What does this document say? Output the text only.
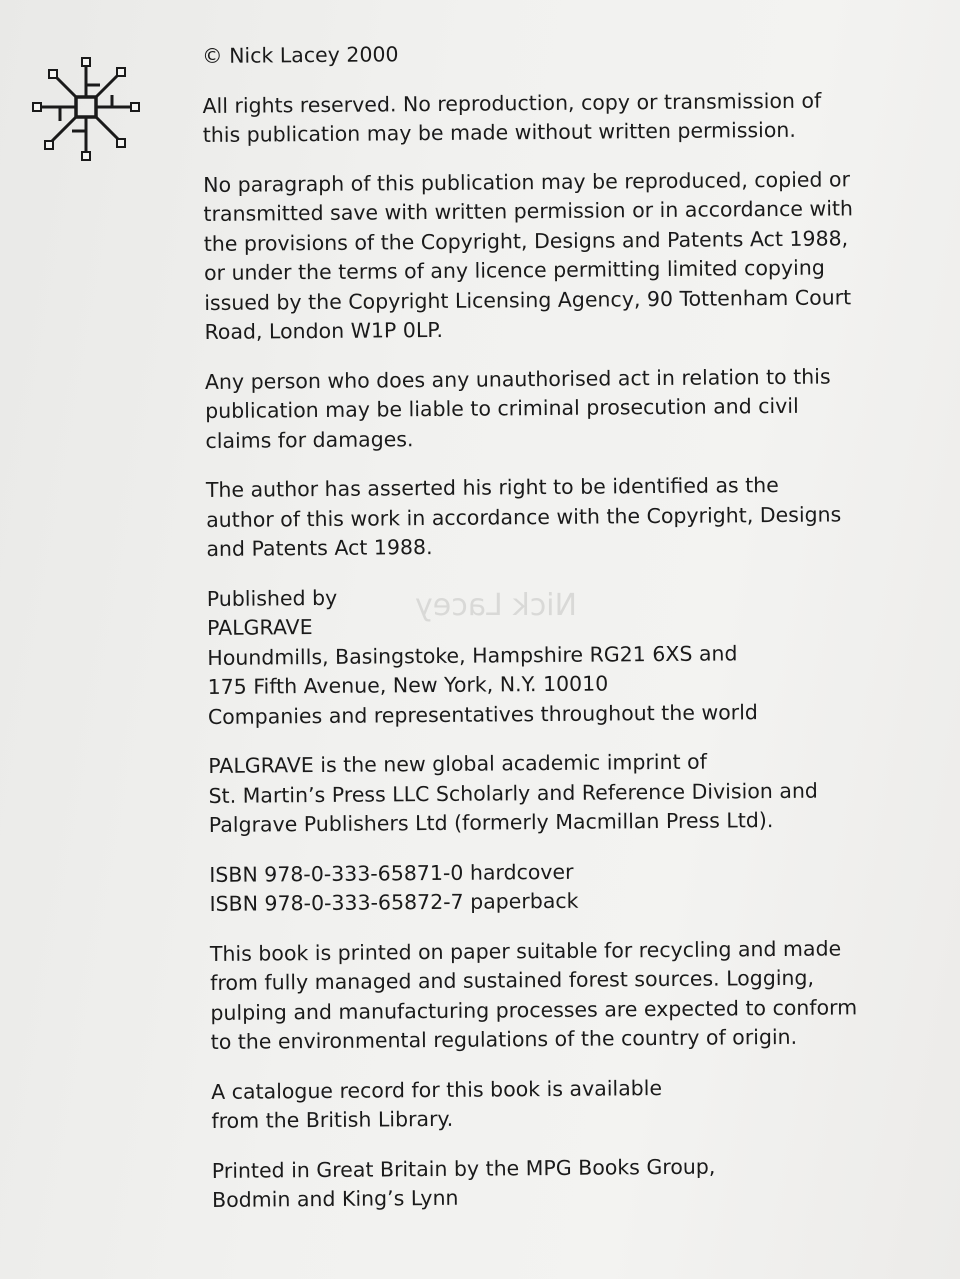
Nick Lacey

© Nick Lacey 2000

All rights reserved. No reproduction, copy or transmission of
this publication may be made without written permission.

No paragraph of this publication may be reproduced, copied or
transmitted save with written permission or in accordance with
the provisions of the Copyright, Designs and Patents Act 1988,
or under the terms of any licence permitting limited copying
issued by the Copyright Licensing Agency, 90 Tottenham Court
Road, London W1P 0LP.

Any person who does any unauthorised act in relation to this
publication may be liable to criminal prosecution and civil
claims for damages.

The author has asserted his right to be identified as the
author of this work in accordance with the Copyright, Designs
and Patents Act 1988.

Published by
PALGRAVE
Houndmills, Basingstoke, Hampshire RG21 6XS and
175 Fifth Avenue, New York, N.Y. 10010
Companies and representatives throughout the world

PALGRAVE is the new global academic imprint of
St. Martin’s Press LLC Scholarly and Reference Division and
Palgrave Publishers Ltd (formerly Macmillan Press Ltd).

ISBN 978-0-333-65871-0 hardcover
ISBN 978-0-333-65872-7 paperback

This book is printed on paper suitable for recycling and made
from fully managed and sustained forest sources. Logging,
pulping and manufacturing processes are expected to conform
to the environmental regulations of the country of origin.

A catalogue record for this book is available
from the British Library.

Printed in Great Britain by the MPG Books Group,
Bodmin and King’s Lynn
